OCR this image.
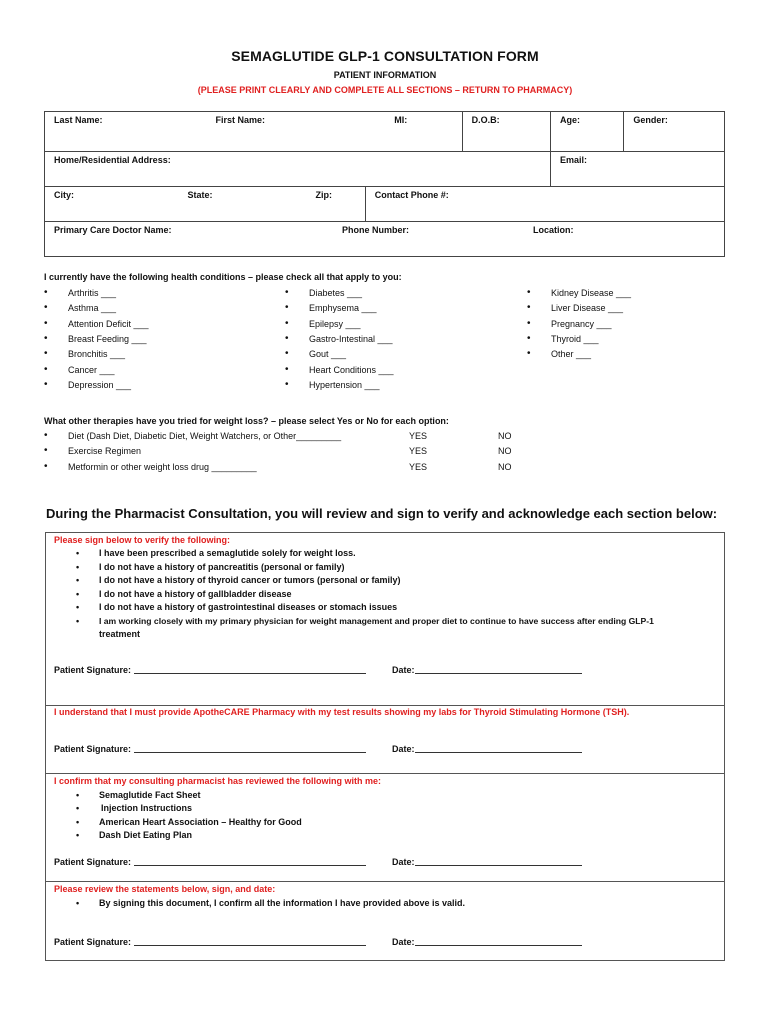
SEMAGLUTIDE GLP-1 CONSULTATION FORM
PATIENT INFORMATION
(PLEASE PRINT CLEARLY AND COMPLETE ALL SECTIONS – RETURN TO PHARMACY)
Last Name:	First Name:	MI:	D.O.B:	Age:	Gender:
Home/Residential Address:				Email:	
City: State: Zip:		Contact Phone #:			
Primary Care Doctor Name: Phone Number: Location:					
I currently have the following health conditions – please check all that apply to you:
• Arthritis ___
• Asthma ___
• Attention Deficit ___
• Breast Feeding ___
• Bronchitis ___
• Cancer ___
• Depression ___
• Diabetes ___
• Emphysema ___
• Epilepsy ___
• Gastro-Intestinal ___
• Gout ___
• Heart Conditions ___
• Hypertension ___
• Kidney Disease ___
• Liver Disease ___
• Pregnancy ___
• Thyroid ___
• Other ___
What other therapies have you tried for weight loss? – please select Yes or No for each option:
• Diet (Dash Diet, Diabetic Diet, Weight Watchers, or Other_________	YES	NO
• Exercise Regimen	YES	NO
• Metformin or other weight loss drug _________	YES	NO
During the Pharmacist Consultation, you will review and sign to verify and acknowledge each section below:
Please sign below to verify the following:
• I have been prescribed a semaglutide solely for weight loss.
• I do not have a history of pancreatitis (personal or family)
• I do not have a history of thyroid cancer or tumors (personal or family)
• I do not have a history of gallbladder disease
• I do not have a history of gastrointestinal diseases or stomach issues
• I am working closely with my primary physician for weight management and proper diet to continue to have success after ending GLP-1
treatment
Patient Signature:	Date:
I understand that I must provide ApotheCARE Pharmacy with my test results showing my labs for Thyroid Stimulating Hormone (TSH).
Patient Signature:	Date:
I confirm that my consulting pharmacist has reviewed the following with me:
• Semaglutide Fact Sheet
• Injection Instructions
• American Heart Association – Healthy for Good
• Dash Diet Eating Plan
Patient Signature:	Date:
Please review the statements below, sign, and date:
• By signing this document, I confirm all the information I have provided above is valid.
Patient Signature:	Date:
